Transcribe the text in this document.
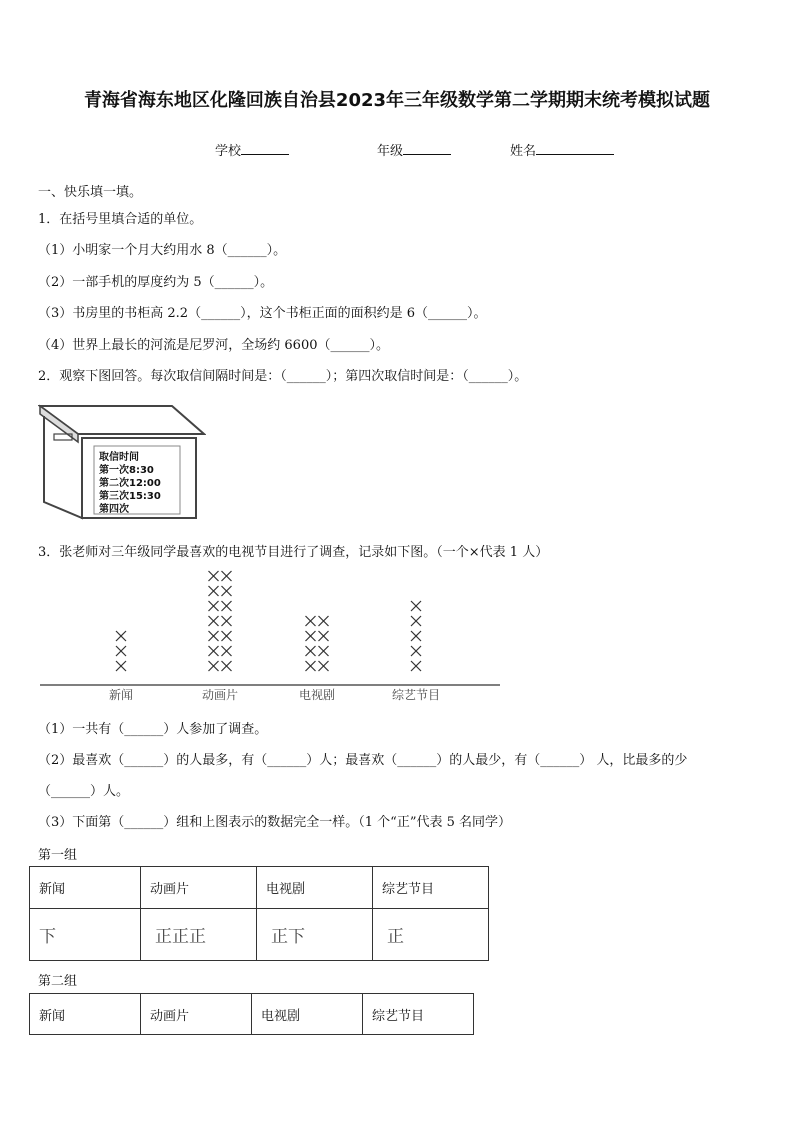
青海省海东地区化隆回族自治县2023年三年级数学第二学期期末统考模拟试题
学校	年级	姓名
一、快乐填一填。
1．在括号里填合适的单位。
（1）小明家一个月大约用水 8（______）。
（2）一部手机的厚度约为 5（______）。
（3）书房里的书柜高 2.2（______），这个书柜正面的面积约是 6（______）。
（4）世界上最长的河流是尼罗河，全场约 6600（______）。
2．观察下图回答。每次取信间隔时间是：（______）；第四次取信时间是：（______）。
取信时间
第一次8:30
第二次12:00
第三次15:30
第四次
3．张老师对三年级同学最喜欢的电视节目进行了调查，记录如下图。（一个×代表 1 人）
新闻	动画片	电视剧	综艺节目
（1）一共有（______）人参加了调查。
（2）最喜欢（______）的人最多，有（______）人；最喜欢（______）的人最少，有（______） 人，比最多的少
（______）人。
（3）下面第（______）组和上图表示的数据完全一样。（1 个“正”代表 5 名同学）
第一组
新闻	动画片	电视剧	综艺节目
下	正正正	正下	正
第二组
新闻	动画片	电视剧	综艺节目
